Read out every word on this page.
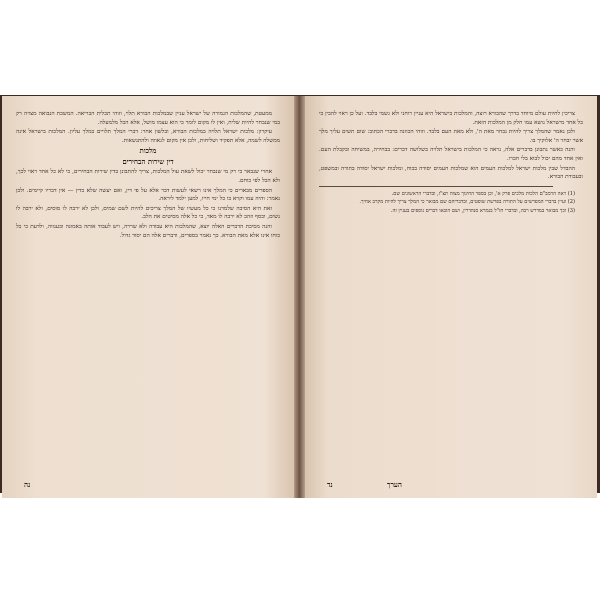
ממעטת, שהמלכות הגמורה של ישראל עניין שבמלכות הבורא תלוי, וזוהי תכלית הבריאה. המשכת הנבואה מצויה רק במי שנבחר להיות שליח, ואין לו מקום לומר כי הוא עצמו מושל, אלא הכל מלמעלה.

עיקרון: מלכות ישראל תלויה במלכות הבורא, ובלשון אחר: דברי המלך תלויים במלך עליון. המלכות בישראל אינה ממשלה לשמה, אלא תפקיד ושליחות, ולכן אין מקום לגאווה ולהתנשאות.

מלכות

דין שירות הבחירים

אחרי שנבאר כי רק מי שנבחר יכול לשאת עול המלכות, צריך להתבונן בדין שירות הבחירים, כי לא כל אחד ראוי לכך, ולא הכל לפי כוחם.

הספרים מבארים כי המלך אינו רשאי לעשות דבר אלא על פי דין, ואם יעשה שלא כדין — אין דבריו קיימים. ולכן נאמר: והיה עמו וקרא בו כל ימי חייו, למען ילמד ליראה.

זאת היא הסיבה שלמדנו כי כל מעשיו של המלך צריכים להיות לשם שמים, ולכן לא ירבה לו סוסים, ולא ירבה לו נשים, וכסף וזהב לא ירבה לו מאד, כי כל אלה מסיטים את הלב.

והנה מסיבת הדברים האלה יוצא, שהמלכות היא עבודה ולא שררה, ויש לעבוד אותה באמונה ובענווה, ולדעת כי כל כוחו אינו אלא מאת הבורא. כך נאמר בספרים, ודברים אלה הם יסוד גדול.

נה

צריכין לחיות עולם מיוחד בדרך שהבורא רוצה, והמלכות בישראל היא עניין רוחני ולא גשמי בלבד. ועל כן ראוי להבין כי כל אחד מישראל נושא עמו חלק מן המלכות הזאת.

ולכן נאמר שהמלך צריך להיות נבחר מאת ה', ולא מאת העם בלבד. וזוהי הכוונה בדברי הכתוב: שום תשים עליך מלך אשר יבחר ה' אלוקיך בו.

והנה כאשר נתבונן בדברים אלה, נראה כי המלכות בישראל תלויה בשלושה דברים: בבחירה, במשיחה ובקבלת העם. ואין אחד מהם יכול לבוא בלי חברו.

ההבדל שבין מלכות ישראל למלכות העמים הוא שמלכות העמים יסודה בכוח, ומלכות ישראל יסודה בתורה ובמשפט, ובעבודת הבורא.

(1) ראה הרמב"ם הלכות מלכים פרק א', וכן בספר החינוך מצוה תצ"ז, ובדברי הראשונים שם.

(2) ועיין בדברי המפרשים על התורה בפרשת שופטים, ובדבריהם שם מבואר כי המלך צריך להיות מקרב אחיך.

(3) וכך מבואר במדרש רבה, ובדברי חז"ל בגמרא סנהדרין, ושם הובאו דברים נוספים בעניין זה.

הערך
נד
